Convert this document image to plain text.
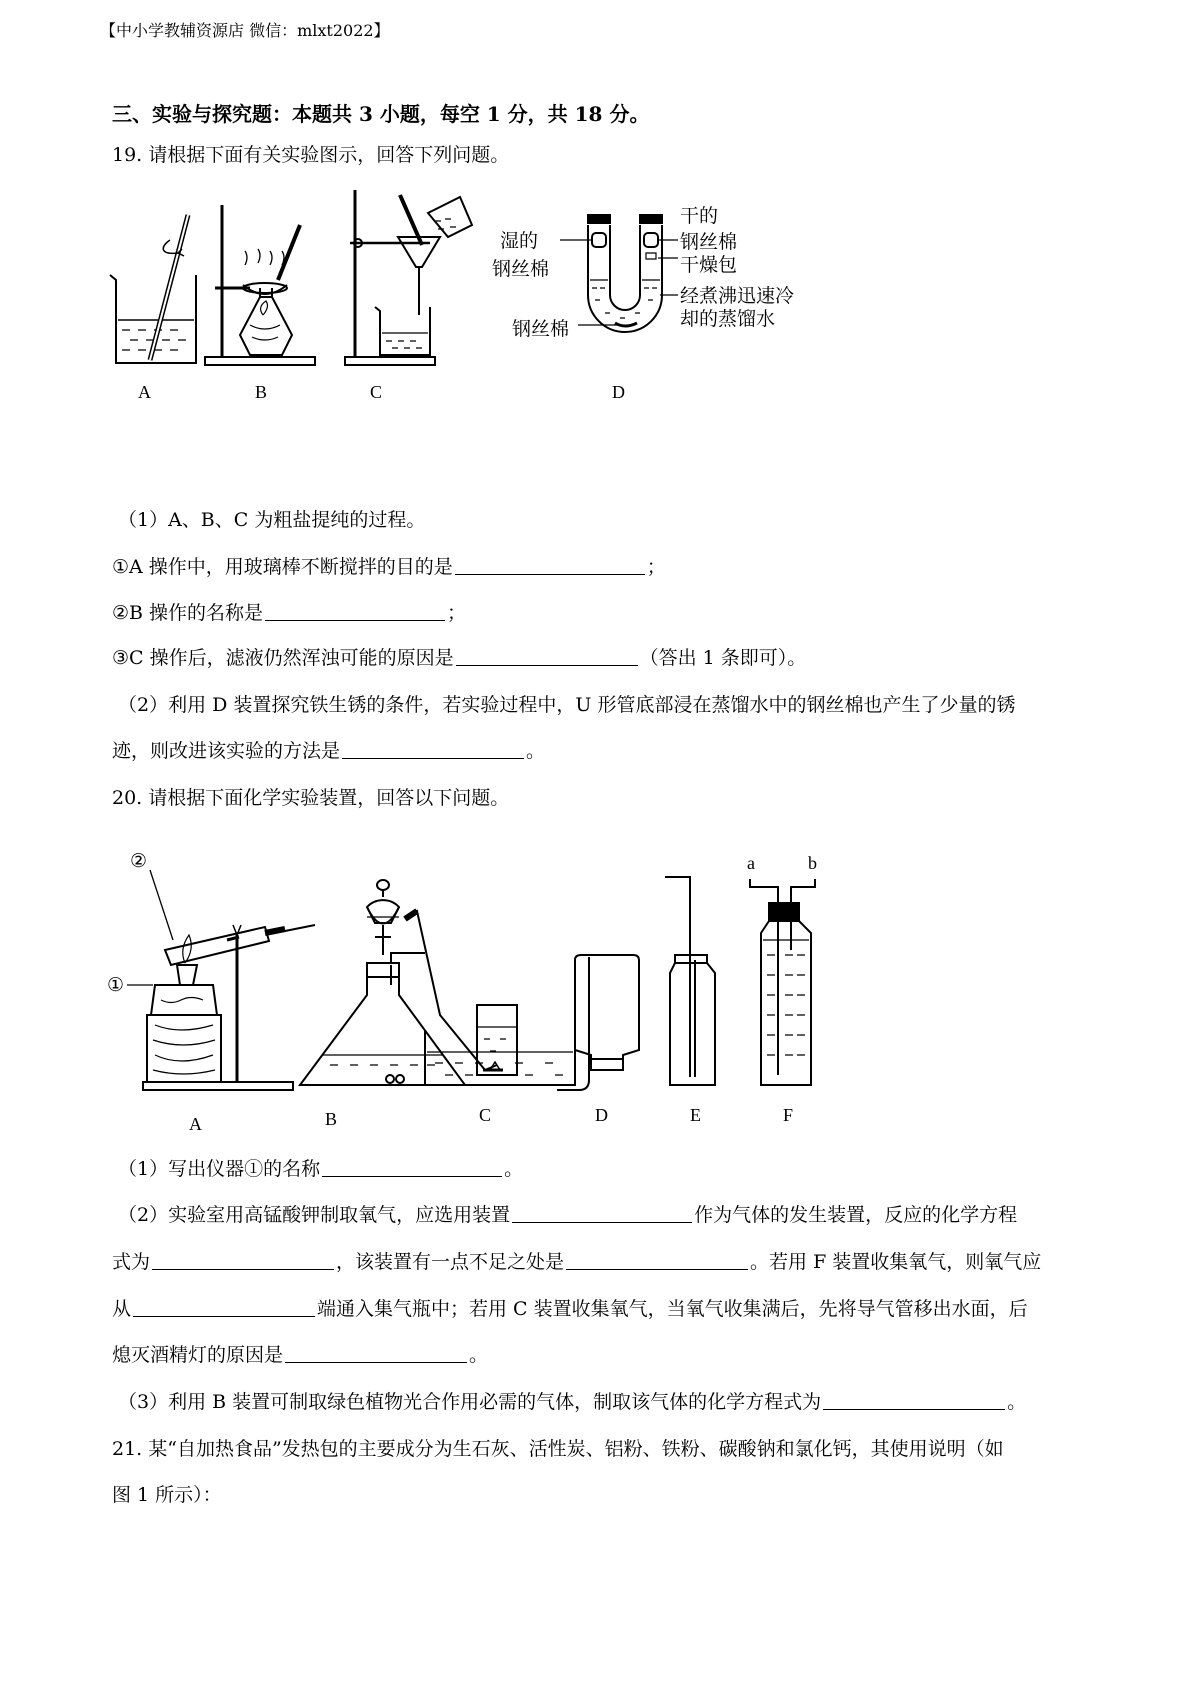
【中小学教辅资源店 微信：mlxt2022】
三、实验与探究题：本题共 3 小题，每空 1 分，共 18 分。
19. 请根据下面有关实验图示，回答下列问题。
干的
钢丝棉
干燥包
湿的
钢丝棉
经煮沸迅速冷
却的蒸馏水
钢丝棉
A	B	C	D
（1）A、B、C 为粗盐提纯的过程。
①A 操作中，用玻璃棒不断搅拌的目的是	；
②B 操作的名称是	；
③C 操作后，滤液仍然浑浊可能的原因是	（答出 1 条即可）。
（2）利用 D 装置探究铁生锈的条件，若实验过程中，U 形管底部浸在蒸馏水中的钢丝棉也产生了少量的锈
迹，则改进该实验的方法是	。
20. 请根据下面化学实验装置，回答以下问题。
②
①
a	b
A	B	C	D	E	F
（1）写出仪器①的名称	。
（2）实验室用高锰酸钾制取氧气，应选用装置	作为气体的发生装置，反应的化学方程
式为	，该装置有一点不足之处是	。若用 F 装置收集氧气，则氧气应
从	端通入集气瓶中；若用 C 装置收集氧气，当氧气收集满后，先将导气管移出水面，后
熄灭酒精灯的原因是	。
（3）利用 B 装置可制取绿色植物光合作用必需的气体，制取该气体的化学方程式为	。
21. 某“自加热食品”发热包的主要成分为生石灰、活性炭、铝粉、铁粉、碳酸钠和氯化钙，其使用说明（如
图 1 所示）：
